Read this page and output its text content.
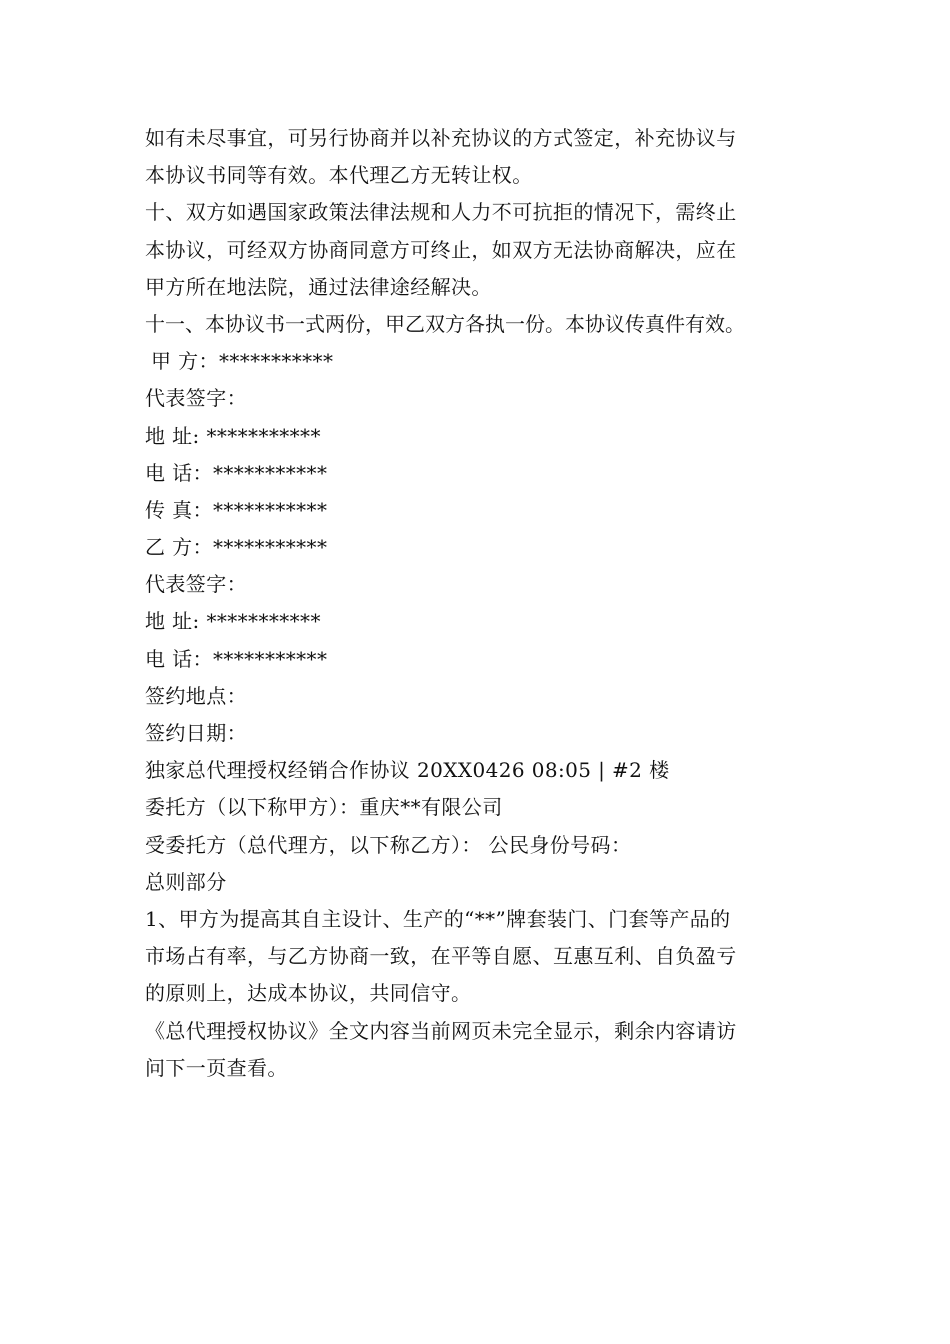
如有未尽事宜，可另行协商并以补充协议的方式签定，补充协议与
本协议书同等有效。本代理乙方无转让权。
十、双方如遇国家政策法律法规和人力不可抗拒的情况下，需终止
本协议，可经双方协商同意方可终止，如双方无法协商解决，应在
甲方所在地法院，通过法律途经解决。
十一、本协议书一式两份，甲乙双方各执一份。本协议传真件有效。
甲 方：***********
代表签字：
地 址: ***********
电 话：***********
传 真：***********
乙 方：***********
代表签字：
地 址: ***********
电 话：***********
签约地点：
签约日期：
独家总代理授权经销合作协议 20XX0426 08:05 | #2 楼
委托方（以下称甲方）：重庆**有限公司
受委托方（总代理方，以下称乙方）： 公民身份号码：
总则部分
1、甲方为提高其自主设计、生产的“**”牌套装门、门套等产品的
市场占有率，与乙方协商一致，在平等自愿、互惠互利、自负盈亏
的原则上，达成本协议，共同信守。
《总代理授权协议》全文内容当前网页未完全显示，剩余内容请访
问下一页查看。
